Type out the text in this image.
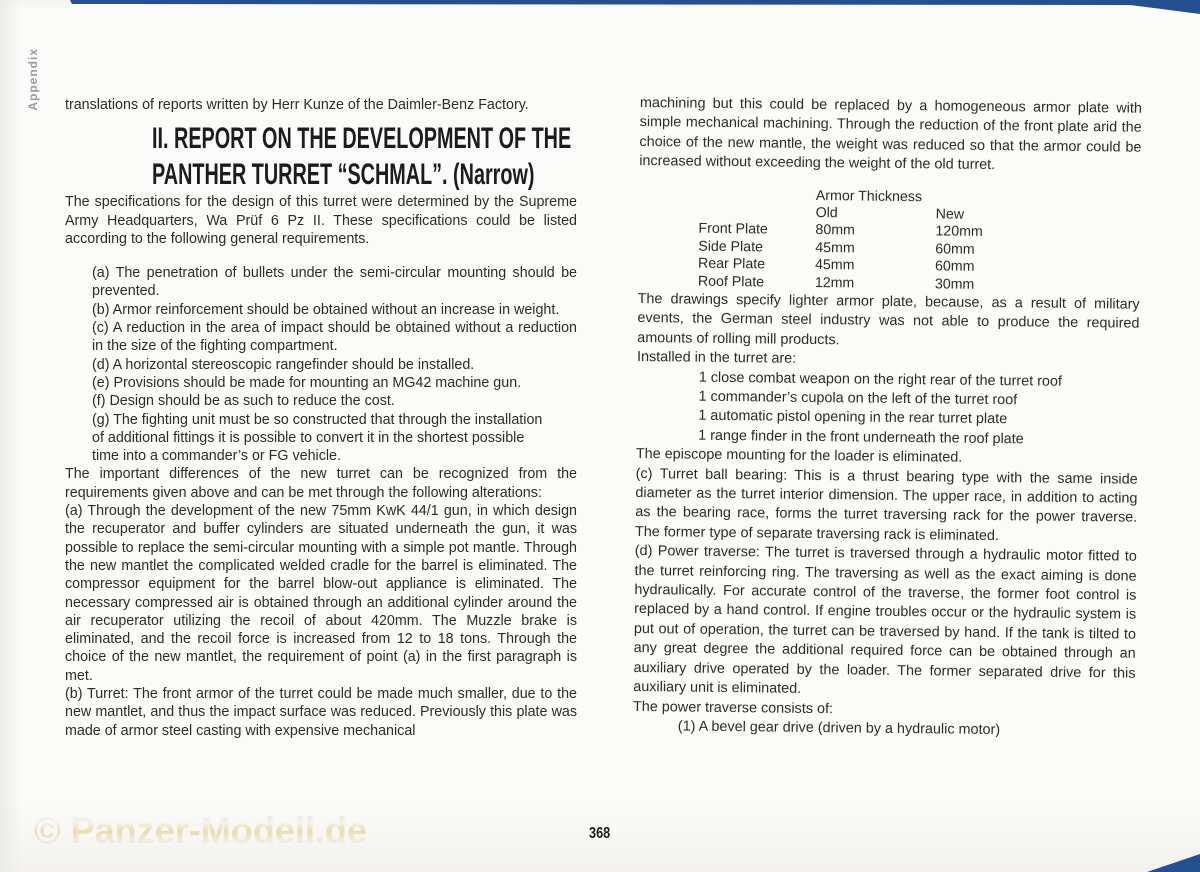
Appendix translations of reports written by Herr Kunze of the Daimler-Benz Factory.

II. REPORT ON THE DEVELOPMENT OF THE
PANTHER TURRET “SCHMAL”. (Narrow)

The specifications for the design of this turret were determined by the Supreme Army Headquarters, Wa Prüf 6 Pz II. These specifications could be listed according to the following general requirements.

(a) The penetration of bullets under the semi-circular mounting should be prevented.
(b) Armor reinforcement should be obtained without an increase in weight.
(c) A reduction in the area of impact should be obtained without a reduction in the size of the fighting compartment.
(d) A horizontal stereoscopic rangefinder should be installed.
(e) Provisions should be made for mounting an MG42 machine gun.
(f) Design should be as such to reduce the cost.
(g) The fighting unit must be so constructed that through the installation of additional fittings it is possible to convert it in the shortest possible time into a commander’s or FG vehicle.

The important differences of the new turret can be recognized from the requirements given above and can be met through the following alterations:

(a) Through the development of the new 75mm KwK 44/1 gun, in which design the recuperator and buffer cylinders are situated underneath the gun, it was possible to replace the semi-circular mounting with a simple pot mantle. Through the new mantlet the complicated welded cradle for the barrel is eliminated. The compressor equipment for the barrel blow-out appliance is eliminated. The necessary compressed air is obtained through an additional cylinder around the air recuperator utilizing the recoil of about 420mm. The Muzzle brake is eliminated, and the recoil force is increased from 12 to 18 tons. Through the choice of the new mantlet, the requirement of point (a) in the first paragraph is met.

(b) Turret: The front armor of the turret could be made much smaller, due to the new mantlet, and thus the impact surface was reduced. Previously this plate was made of armor steel casting with expensive mechanical

machining but this could be replaced by a homogeneous armor plate with simple mechanical machining. Through the reduction of the front plate arid the choice of the new mantle, the weight was reduced so that the armor could be increased without exceeding the weight of the old turret.

Armor Thickness
Old	New
Front Plate	80mm	120mm
Side Plate	45mm	60mm
Rear Plate	45mm	60mm
Roof Plate	12mm	30mm

The drawings specify lighter armor plate, because, as a result of military events, the German steel industry was not able to produce the required amounts of rolling mill products.

Installed in the turret are:

1 close combat weapon on the right rear of the turret roof
1 commander’s cupola on the left of the turret roof
1 automatic pistol opening in the rear turret plate
1 range finder in the front underneath the roof plate

The episcope mounting for the loader is eliminated.

(c) Turret ball bearing: This is a thrust bearing type with the same inside diameter as the turret interior dimension. The upper race, in addition to acting as the bearing race, forms the turret traversing rack for the power traverse. The former type of separate traversing rack is eliminated.

(d) Power traverse: The turret is traversed through a hydraulic motor fitted to the turret reinforcing ring. The traversing as well as the exact aiming is done hydraulically. For accurate control of the traverse, the former foot control is replaced by a hand control. If engine troubles occur or the hydraulic system is put out of operation, the turret can be traversed by hand. If the tank is tilted to any great degree the additional required force can be obtained through an auxiliary drive operated by the loader. The former separated drive for this auxiliary unit is eliminated.

The power traverse consists of:

(1) A bevel gear drive (driven by a hydraulic motor)
© Panzer-Modell.de	368
